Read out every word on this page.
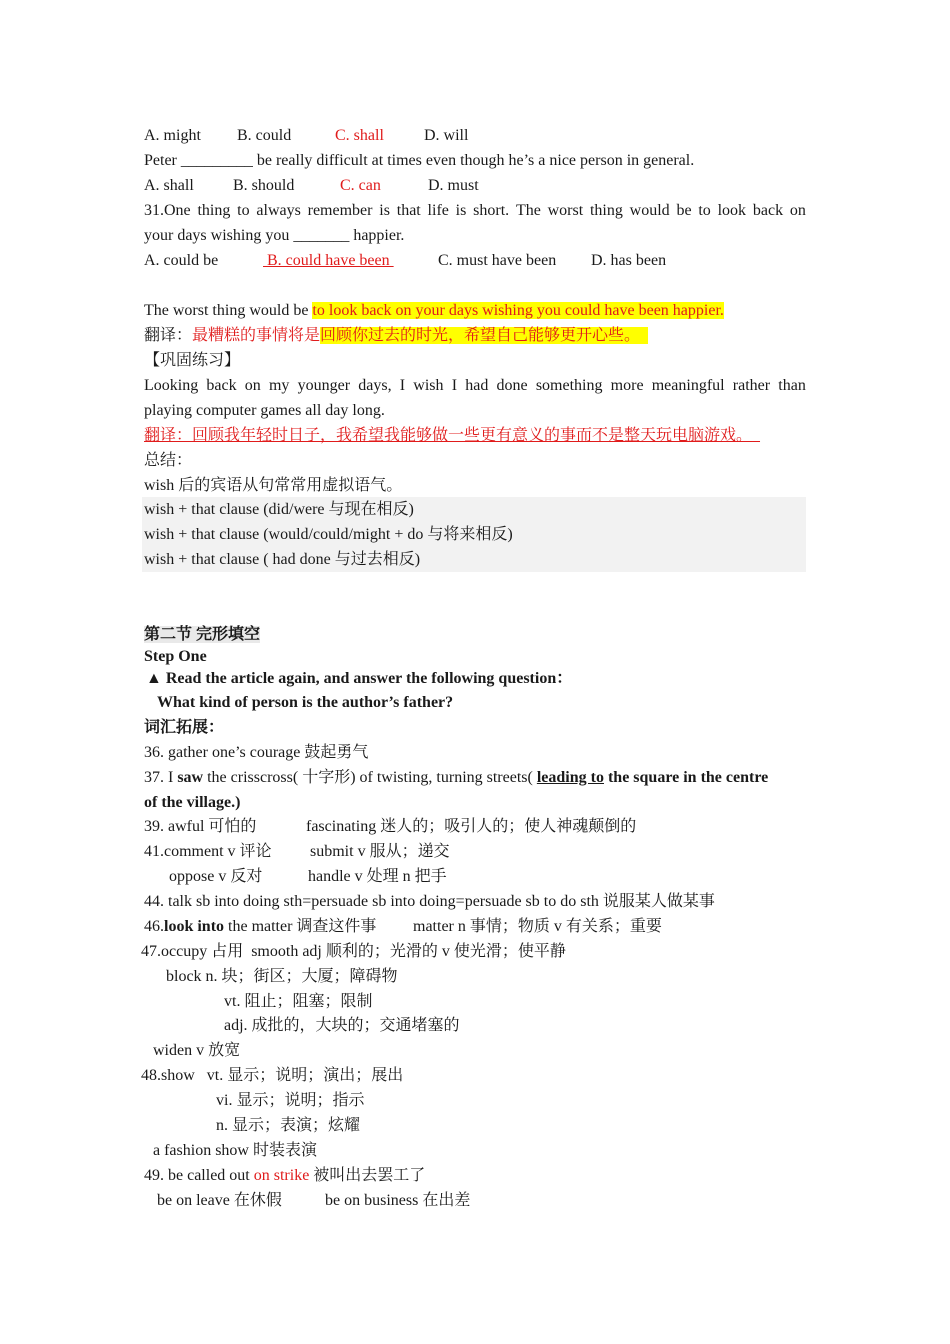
A. might B. could	C. shall	D. will
Peter _________ be really difficult at times even though he’s a nice person in general.
A. shall B. should	C. can	D. must
31.One thing to always remember is that life is short. The worst thing would be to look back on
your days wishing you _______ happier.
A. could be	B. could have been	C. must have been D. has been
The worst thing would be to look back on your days wishing you could have been happier.
翻译：最糟糕的事情将是回顾你过去的时光，希望自己能够更开心些。
【巩固练习】
Looking back on my younger days, I wish I had done something more meaningful rather than
playing computer games all day long.
翻译：回顾我年轻时日子，我希望我能够做一些更有意义的事而不是整天玩电脑游戏。
总结：
wish 后的宾语从句常常用虚拟语气。
wish + that clause (did/were 与现在相反)
wish + that clause (would/could/might + do 与将来相反)
wish + that clause ( had done 与过去相反)
第二节 完形填空
Step One
▲ Read the article again, and answer the following question：
What kind of person is the author’s father?
词汇拓展：
36. gather one’s courage 鼓起勇气
37. I saw the crisscross( 十字形) of twisting, turning streets( leading to the square in the centre
of the village.)
39. awful 可怕的	fascinating 迷人的；吸引人的；使人神魂颠倒的
41.comment v 评论 submit v 服从；递交
oppose v 反对	handle v 处理 n 把手
44. talk sb into doing sth=persuade sb into doing=persuade sb to do sth 说服某人做某事
46.look into the matter 调查这件事 matter n 事情；物质 v 有关系；重要
47.occupy 占用  smooth adj 顺利的；光滑的 v 使光滑；使平静
block n. 块；街区；大厦；障碍物
vt. 阻止；阻塞；限制
adj. 成批的，大块的；交通堵塞的
widen v 放宽
48.show   vt. 显示；说明；演出；展出
vi. 显示；说明；指示
n. 显示；表演；炫耀
a fashion show 时装表演
49. be called out on strike 被叫出去罢工了
be on leave 在休假	be on business 在出差
